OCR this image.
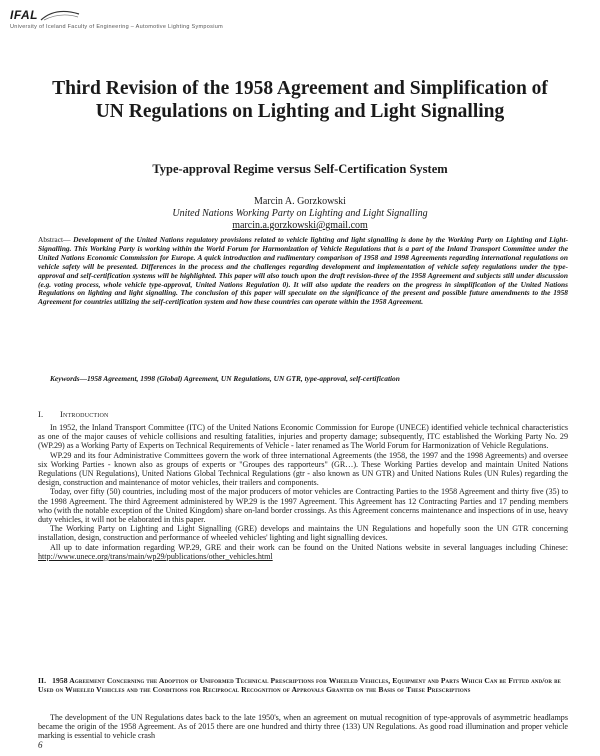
IFAL
University of Iceland Faculty of Engineering – Automotive Lighting Symposium
Third Revision of the 1958 Agreement and Simplification of UN Regulations on Lighting and Light Signalling
Type-approval Regime versus Self-Certification System
Marcin A. Gorzkowski
United Nations Working Party on Lighting and Light Signalling
marcin.a.gorzkowski@gmail.com
Abstract— Development of the United Nations regulatory provisions related to vehicle lighting and light signalling is done by the Working Party on Lighting and Light-Signalling. This Working Party is working within the World Forum for Harmonization of Vehicle Regulations that is a part of the Inland Transport Committee under the United Nations Economic Commission for Europe. A quick introduction and rudimentary comparison of 1958 and 1998 Agreements regarding international regulations on vehicle safety will be presented. Differences in the process and the challenges regarding development and implementation of vehicle safety regulations under the type-approval and self-certification systems will be highlighted. This paper will also touch upon the draft revision-three of the 1958 Agreement and subjects still under discussion (e.g. voting process, whole vehicle type-approval, United Nations Regulation 0). It will also update the readers on the progress in simplification of the United Nations Regulations on lighting and light signalling. The conclusion of this paper will speculate on the significance of the present and possible future amendments to the 1958 Agreement for countries utilizing the self-certification system and how these countries can operate within the 1958 Agreement.
Keywords—1958 Agreement, 1998 (Global) Agreement, UN Regulations, UN GTR, type-approval, self-certification
I. Introduction

In 1952, the Inland Transport Committee (ITC) of the United Nations Economic Commission for Europe (UNECE) identified vehicle technical characteristics as one of the major causes of vehicle collisions and resulting fatalities, injuries and property damage; subsequently, ITC established the Working Party No. 29 (WP.29) as a Working Party of Experts on Technical Requirements of Vehicle - later renamed as The World Forum for Harmonization of Vehicle Regulations.

WP.29 and its four Administrative Committees govern the work of three international Agreements (the 1958, the 1997 and the 1998 Agreements) and oversee six Working Parties - known also as groups of experts or "Groupes des rapporteurs" (GR…). These Working Parties develop and maintain United Nations Regulations (UN Regulations), United Nations Global Technical Regulations (gtr - also known as UN GTR) and United Nations Rules (UN Rules) regarding the design, construction and maintenance of motor vehicles, their trailers and components.

Today, over fifty (50) countries, including most of the major producers of motor vehicles are Contracting Parties to the 1958 Agreement and thirty five (35) to the 1998 Agreement. The third Agreement administered by WP.29 is the 1997 Agreement. This Agreement has 12 Contracting Parties and 17 pending members who (with the notable exception of the United Kingdom) share on-land border crossings. As this Agreement concerns maintenance and inspections of in use, heavy duty vehicles, it will not be elaborated in this paper.

The Working Party on Lighting and Light Signalling (GRE) develops and maintains the UN Regulations and hopefully soon the UN GTR concerning installation, design, construction and performance of wheeled vehicles' lighting and light signalling devices.

All up to date information regarding WP.29, GRE and their work can be found on the United Nations website in several languages including Chinese: http://www.unece.org/trans/main/wp29/publications/other_vehicles.html

II. 1958 Agreement Concerning the Adoption of Uniformed Technical Prescriptions for Wheeled Vehicles, Equipment and Parts Which Can be Fitted and/or be Used on Wheeled Vehicles and the Conditions for Reciprocal Recognition of Approvals Granted on the Basis of These Prescriptions

The development of the UN Regulations dates back to the late 1950's, when an agreement on mutual recognition of type-approvals of asymmetric headlamps became the origin of the 1958 Agreement. As of 2015 there are one hundred and thirty three (133) UN Regulations. As good road illumination and proper vehicle marking is essential to vehicle crash

6
